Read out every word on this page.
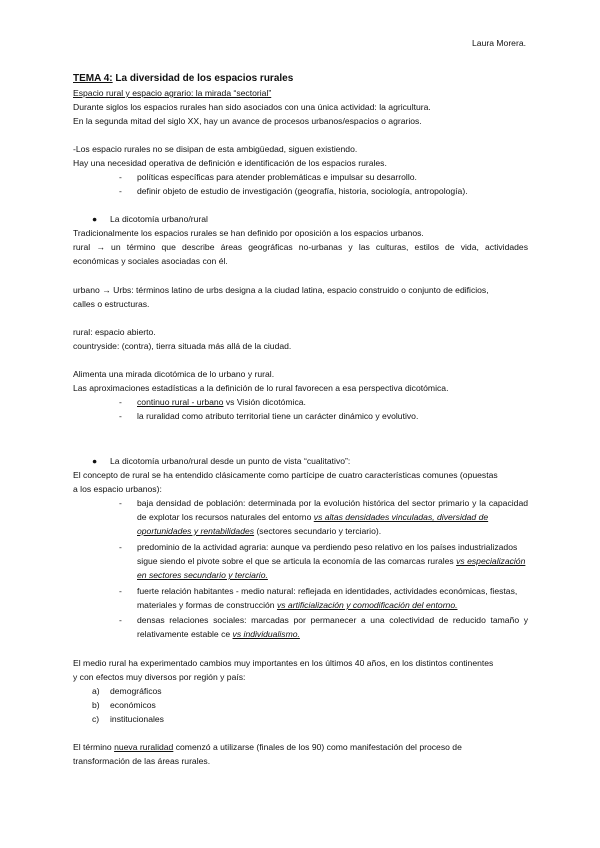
Laura Morera.
TEMA 4: La diversidad de los espacios rurales
Espacio rural y espacio agrario: la mirada “sectorial”
Durante siglos los espacios rurales han sido asociados con una única actividad: la agricultura.
En la segunda mitad del siglo XX, hay un avance de procesos urbanos/espacios o agrarios.
-Los espacio rurales no se disipan de esta ambigüedad, siguen existiendo.
Hay una necesidad operativa de definición e identificación de los espacios rurales.
- políticas específicas para atender problemáticas e impulsar su desarrollo.
- definir objeto de estudio de investigación (geografía, historia, sociología, antropología).
● La dicotomía urbano/rural
Tradicionalmente los espacios rurales se han definido por oposición a los espacios urbanos.
rural → un término que describe áreas geográficas no-urbanas y las culturas, estilos de vida, actividades
económicas y sociales asociadas con él.
urbano → Urbs: términos latino de urbs designa a la ciudad latina, espacio construido o conjunto de edificios,
calles o estructuras.
rural: espacio abierto.
countryside: (contra), tierra situada más allá de la ciudad.
Alimenta una mirada dicotómica de lo urbano y rural.
Las aproximaciones estadísticas a la definición de lo rural favorecen a esa perspectiva dicotómica.
- continuo rural - urbano vs Visión dicotómica.
- la ruralidad como atributo territorial tiene un carácter dinámico y evolutivo.
● La dicotomía urbano/rural desde un punto de vista “cualitativo”:
El concepto de rural se ha entendido clásicamente como partícipe de cuatro características comunes (opuestas
a los espacio urbanos):
- baja densidad de población: determinada por la evolución histórica del sector primario y la capacidad
de explotar los recursos naturales del entorno vs altas densidades vinculadas, diversidad de
oportunidades y rentabilidades (sectores secundario y terciario).
- predominio de la actividad agraria: aunque va perdiendo peso relativo en los países industrializados
sigue siendo el pivote sobre el que se articula la economía de las comarcas rurales vs especialización
en sectores secundario y terciario.
- fuerte relación habitantes - medio natural: reflejada en identidades, actividades económicas, fiestas,
materiales y formas de construcción vs artificialización y comodificación del entorno.
- densas relaciones sociales: marcadas por permanecer a una colectividad de reducido tamaño y
relativamente estable ce vs individualismo.
El medio rural ha experimentado cambios muy importantes en los últimos 40 años, en los distintos continentes
y con efectos muy diversos por región y país:
a) demográficos
b) económicos
c) institucionales
El término nueva ruralidad comenzó a utilizarse (finales de los 90) como manifestación del proceso de
transformación de las áreas rurales.
